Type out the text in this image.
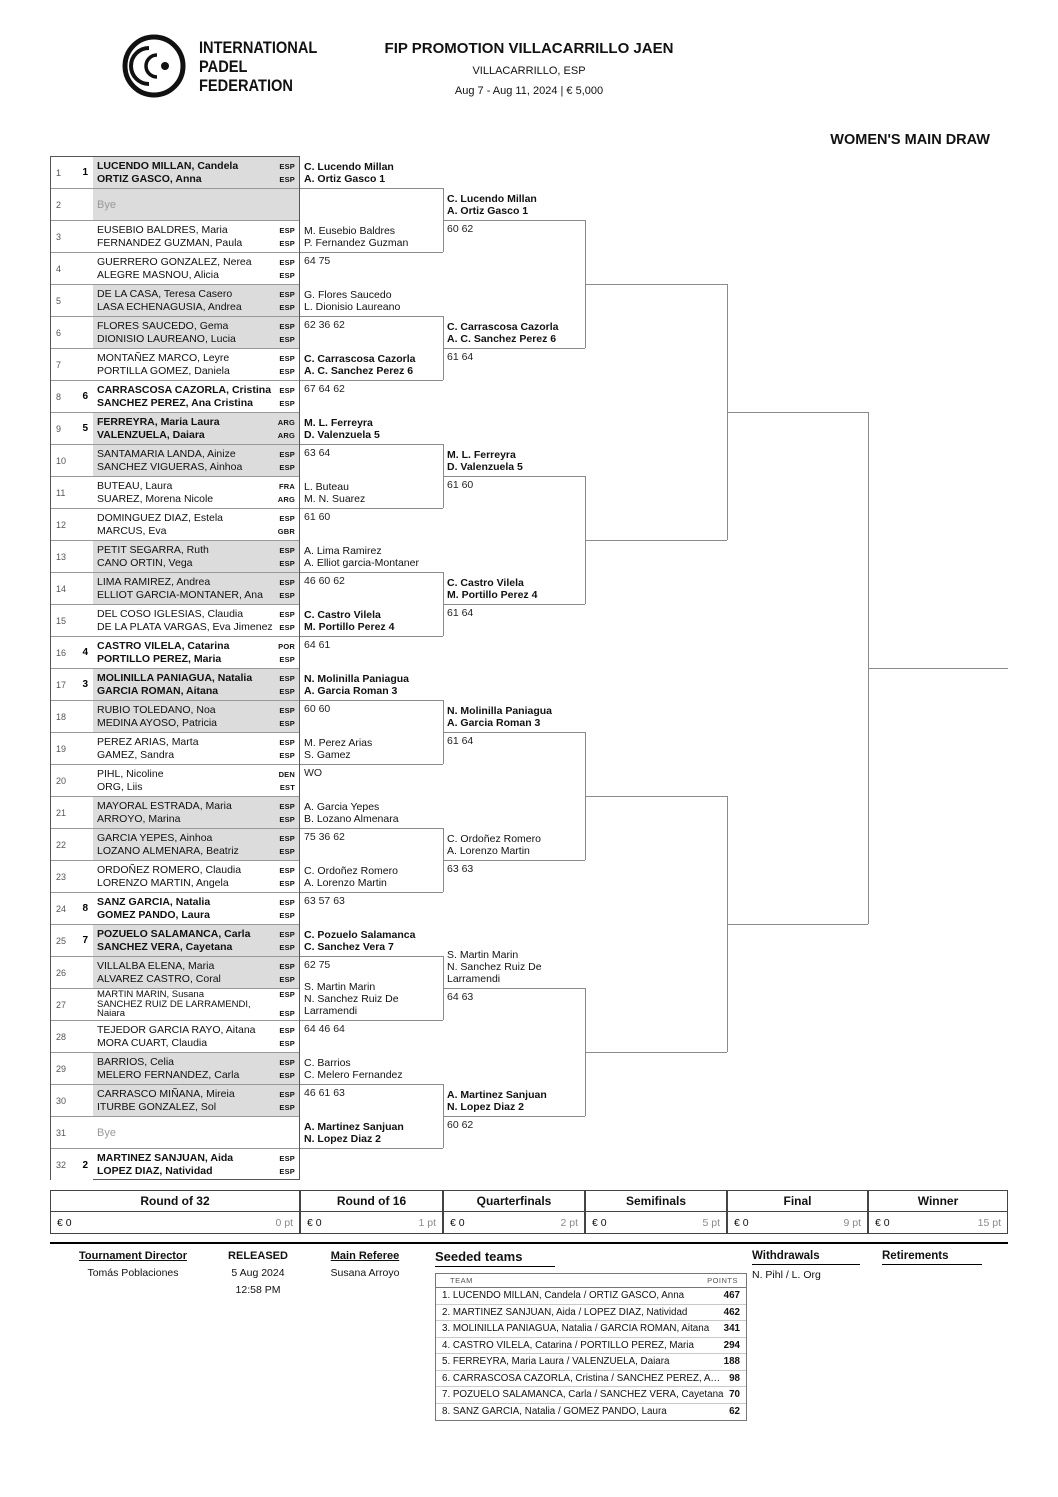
INTERNATIONAL
PADEL
FEDERATION
FIP PROMOTION VILLACARRILLO JAEN
VILLACARRILLO, ESP
Aug 7 - Aug 11, 2024 | € 5,000
WOMEN'S MAIN DRAW
1 1
LUCENDO MILLAN, Candela	ESP
ORTIZ GASCO, Anna	ESP
2	Bye
3
EUSEBIO BALDRES, Maria	ESP
FERNANDEZ GUZMAN, Paula	ESP
4
GUERRERO GONZALEZ, Nerea	ESP
ALEGRE MASNOU, Alicia	ESP
5
DE LA CASA, Teresa Casero	ESP
LASA ECHENAGUSIA, Andrea	ESP
6
FLORES SAUCEDO, Gema	ESP
DIONISIO LAUREANO, Lucia	ESP
7
MONTAÑEZ MARCO, Leyre	ESP
PORTILLA GOMEZ, Daniela	ESP
8 6
CARRASCOSA CAZORLA, Cristina ESP
SANCHEZ PEREZ, Ana Cristina	ESP
9 5
FERREYRA, Maria Laura	ARG
VALENZUELA, Daiara	ARG
10
SANTAMARIA LANDA, Ainize	ESP
SANCHEZ VIGUERAS, Ainhoa	ESP
11
BUTEAU, Laura	FRA
SUAREZ, Morena Nicole	ARG
12
DOMINGUEZ DIAZ, Estela	ESP
MARCUS, Eva	GBR
13
PETIT SEGARRA, Ruth	ESP
CANO ORTIN, Vega	ESP
14
LIMA RAMIREZ, Andrea	ESP
ELLIOT GARCIA-MONTANER, Ana ESP
15
DEL COSO IGLESIAS, Claudia	ESP
DE LA PLATA VARGAS, Eva Jimenez ESP
16 4
CASTRO VILELA, Catarina	POR
PORTILLO PEREZ, Maria	ESP
17 3
MOLINILLA PANIAGUA, Natalia	ESP
GARCIA ROMAN, Aitana	ESP
18
RUBIO TOLEDANO, Noa	ESP
MEDINA AYOSO, Patricia	ESP
19
PEREZ ARIAS, Marta	ESP
GAMEZ, Sandra	ESP
20
PIHL, Nicoline	DEN
ORG, Liis	EST
21
MAYORAL ESTRADA, Maria	ESP
ARROYO, Marina	ESP
22
GARCIA YEPES, Ainhoa	ESP
LOZANO ALMENARA, Beatriz	ESP
23
ORDOÑEZ ROMERO, Claudia	ESP
LORENZO MARTIN, Angela	ESP
24 8
SANZ GARCIA, Natalia	ESP
GOMEZ PANDO, Laura	ESP
25 7
POZUELO SALAMANCA, Carla	ESP
SANCHEZ VERA, Cayetana	ESP
26
VILLALBA ELENA, Maria	ESP
ALVAREZ CASTRO, Coral	ESP
27
MARTIN MARIN, Susana	ESP
SANCHEZ RUIZ DE LARRAMENDI,
Naiara	ESP
28
TEJEDOR GARCIA RAYO, Aitana	ESP
MORA CUART, Claudia	ESP
29
BARRIOS, Celia	ESP
MELERO FERNANDEZ, Carla	ESP
30
CARRASCO MIÑANA, Mireia	ESP
ITURBE GONZALEZ, Sol	ESP
31	Bye
32 2
MARTINEZ SANJUAN, Aida	ESP
LOPEZ DIAZ, Natividad	ESP
C. Lucendo Millan
A. Ortiz Gasco 1
M. Eusebio Baldres
P. Fernandez Guzman
64 75
G. Flores Saucedo
L. Dionisio Laureano
62 36 62
C. Carrascosa Cazorla
A. C. Sanchez Perez 6
67 64 62
M. L. Ferreyra
D. Valenzuela 5
63 64
L. Buteau
M. N. Suarez
61 60
A. Lima Ramirez
A. Elliot garcia-Montaner
46 60 62
C. Castro Vilela
M. Portillo Perez 4
64 61
N. Molinilla Paniagua
A. Garcia Roman 3
60 60
M. Perez Arias
S. Gamez
WO
A. Garcia Yepes
B. Lozano Almenara
75 36 62
C. Ordoñez Romero
A. Lorenzo Martin
63 57 63
C. Pozuelo Salamanca
C. Sanchez Vera 7
62 75
S. Martin Marin
N. Sanchez Ruiz De
Larramendi
64 46 64
C. Barrios
C. Melero Fernandez
46 61 63
A. Martinez Sanjuan
N. Lopez Diaz 2
C. Lucendo Millan
A. Ortiz Gasco 1
60 62
C. Carrascosa Cazorla
A. C. Sanchez Perez 6
61 64
M. L. Ferreyra
D. Valenzuela 5
61 60
C. Castro Vilela
M. Portillo Perez 4
61 64
N. Molinilla Paniagua
A. Garcia Roman 3
61 64
C. Ordoñez Romero
A. Lorenzo Martin
63 63
S. Martin Marin
N. Sanchez Ruiz De
Larramendi
64 63
A. Martinez Sanjuan
N. Lopez Diaz 2
60 62
Round of 32
€ 0	0 pt
Round of 16
€ 0	1 pt
Quarterfinals
€ 0	2 pt
Semifinals
€ 0	5 pt
Final
€ 0	9 pt
Winner
€ 0	15 pt
Tournament Director
Tomás Poblaciones
RELEASED
5 Aug 2024
12:58 PM
Main Referee
Susana Arroyo
Seeded teams
TEAM	POINTS
1. LUCENDO MILLAN, Candela / ORTIZ GASCO, Anna	467
2. MARTINEZ SANJUAN, Aida / LOPEZ DIAZ, Natividad	462
3. MOLINILLA PANIAGUA, Natalia / GARCIA ROMAN, Aitana 341
4. CASTRO VILELA, Catarina / PORTILLO PEREZ, Maria	294
5. FERREYRA, Maria Laura / VALENZUELA, Daiara	188
6. CARRASCOSA CAZORLA, Cristina / SANCHEZ PEREZ, A… 98
7. POZUELO SALAMANCA, Carla / SANCHEZ VERA, Cayetana 70
8. SANZ GARCIA, Natalia / GOMEZ PANDO, Laura	62
Withdrawals
N. Pihl / L. Org
Retirements
